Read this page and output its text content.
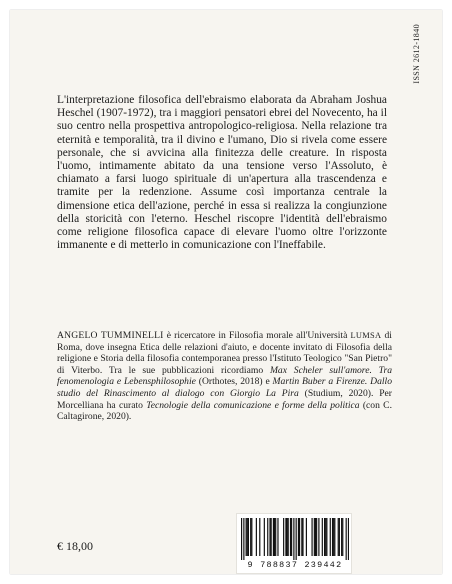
ISSN 2612-1840

L'interpretazione filosofica dell'ebraismo elaborata da Abraham Joshua Heschel (1907-1972), tra i maggiori pensatori ebrei del Novecento, ha il suo centro nella prospettiva antropologico-religiosa. Nella relazione tra eternità e temporalità, tra il divino e l'umano, Dio si rivela come essere personale, che si avvicina alla finitezza delle creature. In risposta l'uomo, intimamente abitato da una tensione verso l'Assoluto, è chiamato a farsi luogo spirituale di un'apertura alla trascendenza e tramite per la redenzione. Assume così importanza centrale la dimensione etica dell'azione, perché in essa si realizza la congiunzione della storicità con l'eterno. Heschel riscopre l'identità dell'ebraismo come religione filosofica capace di elevare l'uomo oltre l'orizzonte immanente e di metterlo in comunicazione con l'Ineffabile.

ANGELO TUMMINELLI è ricercatore in Filosofia morale all'Università LUMSA di Roma, dove insegna Etica delle relazioni d'aiuto, e docente invitato di Filosofia della religione e Storia della filosofia contemporanea presso l'Istituto Teologico "San Pietro" di Viterbo. Tra le sue pubblicazioni ricordiamo Max Scheler sull'amore. Tra fenomenologia e Lebensphilosophie (Orthotes, 2018) e Martin Buber a Firenze. Dallo studio del Rinascimento al dialogo con Giorgio La Pira (Studium, 2020). Per Morcelliana ha curato Tecnologie della comunicazione e forme della politica (con C. Caltagirone, 2020).
€ 18,00
9 788837 239442
